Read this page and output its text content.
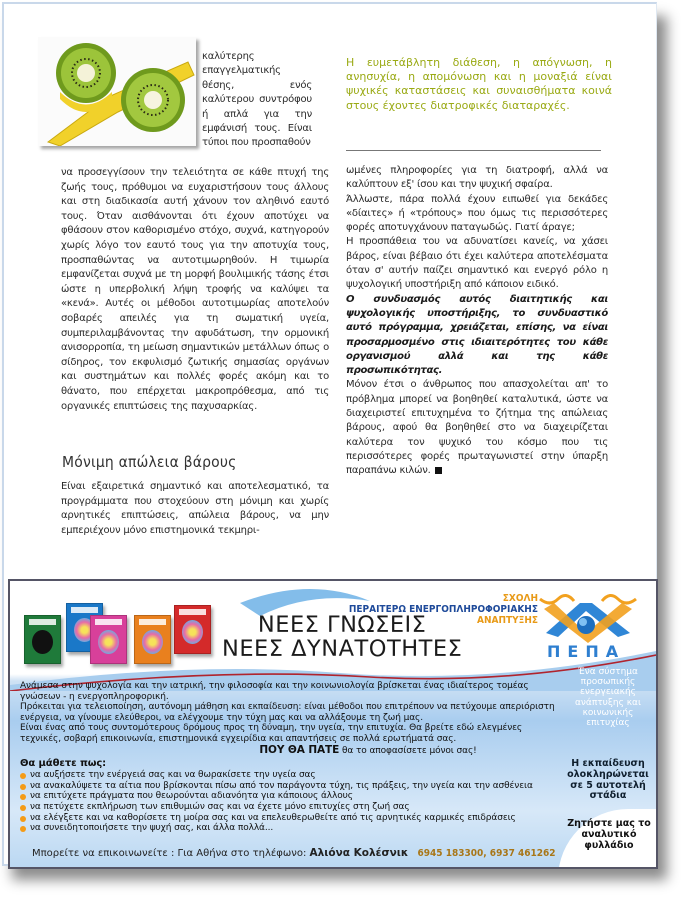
καλύτερης επαγγελματικής θέσης, ενός καλύτερου συντρόφου ή απλά για την εμφάνισή τους. Είναι τύποι που προσπαθούν

να προσεγγίσουν την τελειότητα σε κάθε πτυχή της ζωής τους, πρόθυμοι να ευχαριστήσουν τους άλλους και στη διαδικασία αυτή χάνουν τον αληθινό εαυτό τους. Όταν αισθάνονται ότι έχουν αποτύχει να φθάσουν στον καθορισμένο στόχο, συχνά, κατηγορούν χωρίς λόγο τον εαυτό τους για την αποτυχία τους, προσπαθώντας να αυτοτιμωρηθούν. Η τιμωρία εμφανίζεται συχνά με τη μορφή βουλιμικής τάσης έτσι ώστε η υπερβολική λήψη τροφής να καλύψει τα «κενά». Αυτές οι μέθοδοι αυτοτιμωρίας αποτελούν σοβαρές απειλές για τη σωματική υγεία, συμπεριλαμβάνοντας την αφυδάτωση, την ορμονική ανισορροπία, τη μείωση σημαντικών μετάλλων όπως ο σίδηρος, τον εκφυλισμό ζωτικής σημασίας οργάνων και συστημάτων και πολλές φορές ακόμη και το θάνατο, που επέρχεται μακροπρόθεσμα, από τις οργανικές επιπτώσεις της παχυσαρκίας.

Μόνιμη απώλεια βάρους

Είναι εξαιρετικά σημαντικό και αποτελεσματικό, τα προγράμματα που στοχεύουν στη μόνιμη και χωρίς αρνητικές επιπτώσεις, απώλεια βάρους, να μην εμπεριέχουν μόνο επιστημονικά τεκμηρι-

Η ευμετάβλητη διάθεση, η απόγνωση, η ανησυχία, η απομόνωση και η μοναξιά είναι ψυχικές καταστάσεις και συναισθήματα κοινά στους έχοντες διατροφικές διαταραχές.

ωμένες πληροφορίες για τη διατροφή, αλλά να καλύπτουν εξ' ίσου και την ψυχική σφαίρα.

Άλλωστε, πάρα πολλά έχουν ειπωθεί για δεκάδες «δίαιτες» ή «τρόπους» που όμως τις περισσότερες φορές αποτυγχάνουν παταγωδώς. Γιατί άραγε;

Η προσπάθεια του να αδυνατίσει κανείς, να χάσει βάρος, είναι βέβαιο ότι έχει καλύτερα αποτελέσματα όταν σ' αυτήν παίζει σημαντικό και ενεργό ρόλο η ψυχολογική υποστήριξη από κάποιον ειδικό.

Ο συνδυασμός αυτός διαιτητικής και ψυχολογικής υποστήριξης, το συνδυαστικό αυτό πρόγραμμα, χρειάζεται, επίσης, να είναι προσαρμοσμένο στις ιδιαιτερότητες του κάθε οργανισμού αλλά και της κάθε προσωπικότητας.

Μόνον έτσι ο άνθρωπος που απασχολείται απ' το πρόβλημα μπορεί να βοηθηθεί καταλυτικά, ώστε να διαχειριστεί επιτυχημένα το ζήτημα της απώλειας βάρους, αφού θα βοηθηθεί στο να διαχειρίζεται καλύτερα τον ψυχικό του κόσμο που τις περισσότερες φορές πρωταγωνιστεί στην ύπαρξη παραπάνω κιλών.

ΝΕΕΣ ΓΝΩΣΕΙΣ
ΝΕΕΣ ΔΥΝΑΤΟΤΗΤΕΣ
ΣΧΟΛΗ
ΠΕΡΑΙΤΕΡΩ ΕΝΕΡΓΟΠΛΗΡΟΦΟΡΙΑΚΗΣ
ΑΝΑΠΤΥΞΗΣ
ΠΕΠΑ

Ανάμεσα στην ψυχολογία και την ιατρική, την φιλοσοφία και την κοινωνιολογία βρίσκεται ένας ιδιαίτερος τομέας γνώσεων - η ενεργοπληροφορική.

Πρόκειται για τελειοποίηση, αυτόνομη μάθηση και εκπαίδευση: είναι μέθοδοι που επιτρέπουν να πετύχουμε απεριόριστη ενέργεια, να γίνουμε ελεύθεροι, να ελέγχουμε την τύχη μας και να αλλάξουμε τη ζωή μας.

Είναι ένας από τους συντομότερους δρόμους προς τη δύναμη, την υγεία, την επιτυχία. Θα βρείτε εδώ ελεγμένες τεχνικές, σοβαρή επικοινωνία, επιστημονικά εγχειρίδια και απαντήσεις σε πολλά ερωτήματά σας.

ΠΟΥ ΘΑ ΠΑΤΕ θα το αποφασίσετε μόνοι σας!

Θα μάθετε πως:

να αυξήσετε την ενέργειά σας και να θωρακίσετε την υγεία σας
να ανακαλύψετε τα αίτια που βρίσκονται πίσω από τον παράγοντα τύχη, τις πράξεις, την υγεία και την ασθένεια
να επιτύχετε πράγματα που θεωρούνται αδιανόητα για κάποιους άλλους
να πετύχετε εκπλήρωση των επιθυμιών σας και να έχετε μόνο επιτυχίες στη ζωή σας
να ελέγξετε και να καθορίσετε τη μοίρα σας και να επελευθερωθείτε από τις αρνητικές καρμικές επιδράσεις
να συνειδητοποιήσετε την ψυχή σας, και άλλα πολλά...
Ένα σύστημα προσωπικής ενεργειακής ανάπτυξης και κοινωνικής επιτυχίας
Η εκπαίδευση ολοκληρώνεται σε 5 αυτοτελή στάδια
Ζητήστε μας το αναλυτικό φυλλάδιο
Μπορείτε να επικοινωνείτε : Για Αθήνα στο τηλέφωνο: Αλιόνα Κολέσνικ 6945 183300, 6937 461262
